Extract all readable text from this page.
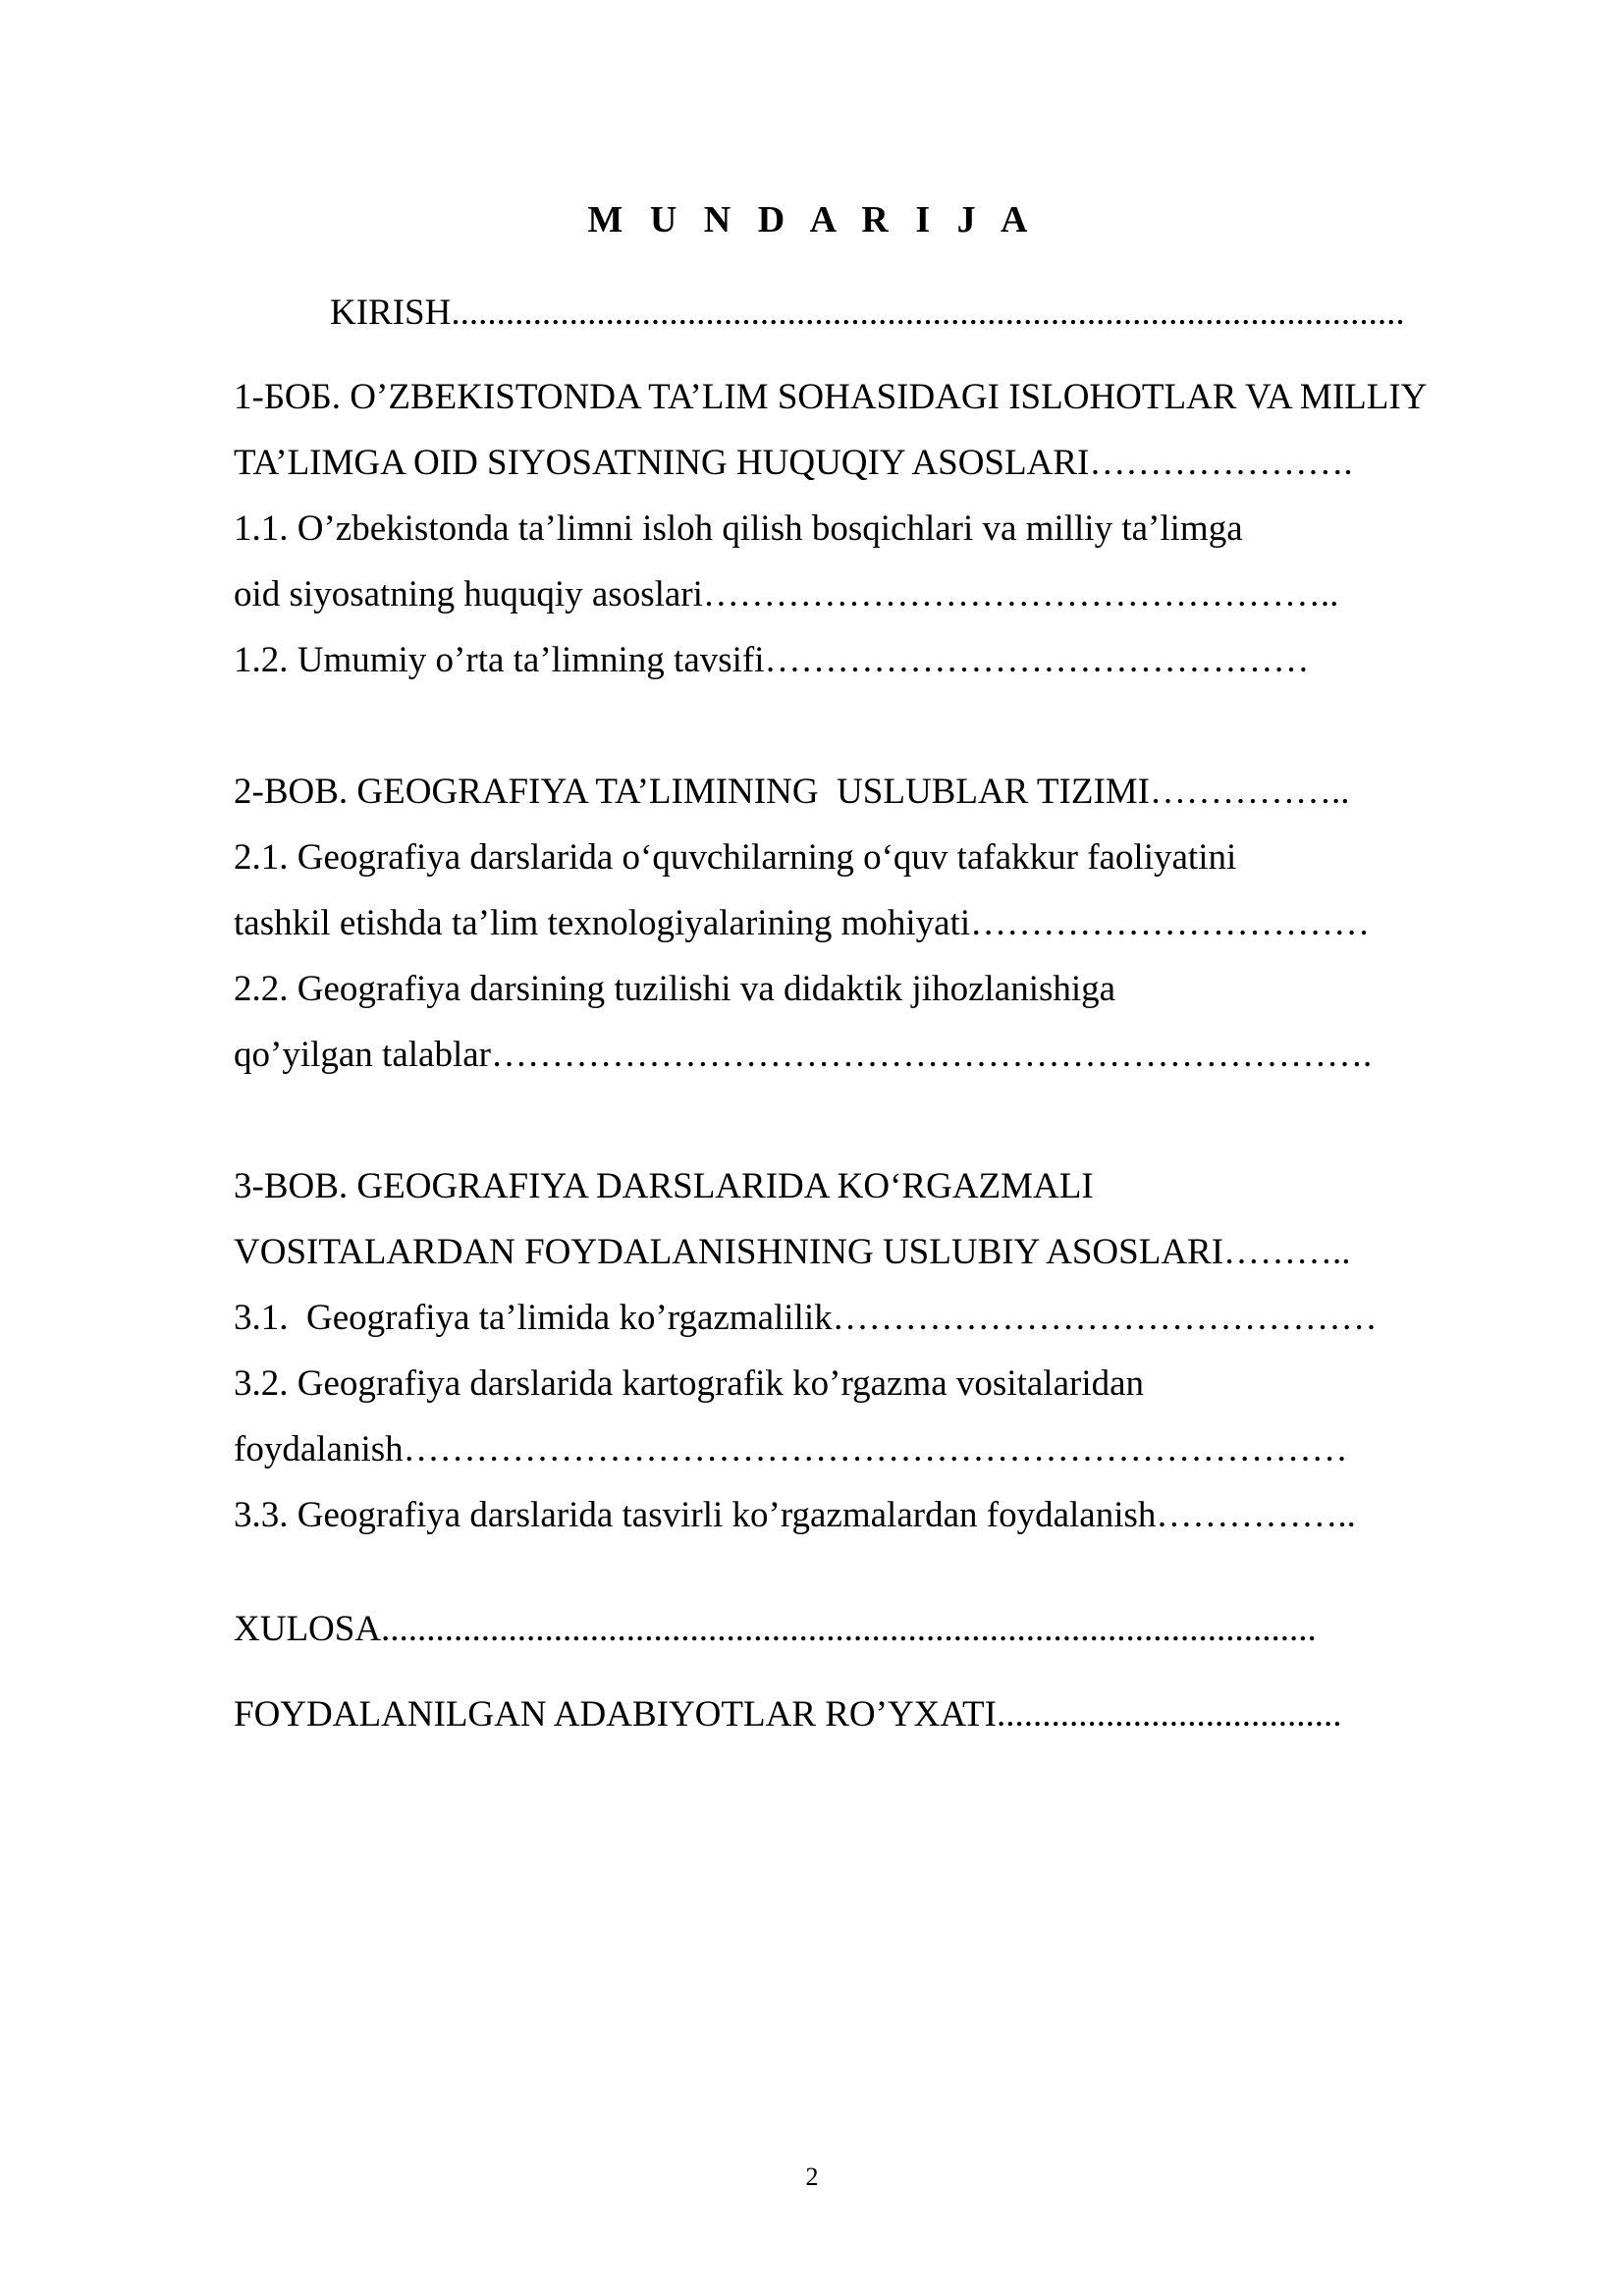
M U N D A R I J A
KIRISH.........................................................................................................
1-БОБ. O’ZBEKISTONDA TA’LIM SOHASIDAGI ISLOHOTLAR VA MILLIY
TA’LIMGA OID SIYOSATNING HUQUQIY ASOSLARI………………….
1.1. O’zbekistonda ta’limni isloh qilish bosqichlari va milliy ta’limga
oid siyosatning huquqiy asoslari……………………………………………..
1.2. Umumiy o’rta ta’limning tavsifi………………………………………
2-BOB. GEOGRAFIYA TA’LIMINING  USLUBLAR TIZIMI……………..
2.1. Geografiya darslarida o‘quvchilarning o‘quv tafakkur faoliyatini
tashkil etishda ta’lim texnologiyalarining mohiyati……………………………
2.2. Geografiya darsining tuzilishi va didaktik jihozlanishiga
qo’yilgan talablar……………………………………………………………….
3-BOB. GEOGRAFIYA DARSLARIDA KO‘RGAZMALI
VOSITALARDAN FOYDALANISHNING USLUBIY ASOSLARI………..
3.1.  Geografiya ta’limida ko’rgazmalilik………………………………………
3.2. Geografiya darslarida kartografik ko’rgazma vositalaridan
foydalanish……………………………………………………………………
3.3. Geografiya darslarida tasvirli ko’rgazmalardan foydalanish……………..
XULOSA.......................................................................................................
FOYDALANILGAN ADABIYOTLAR RO’YXATI......................................
2
